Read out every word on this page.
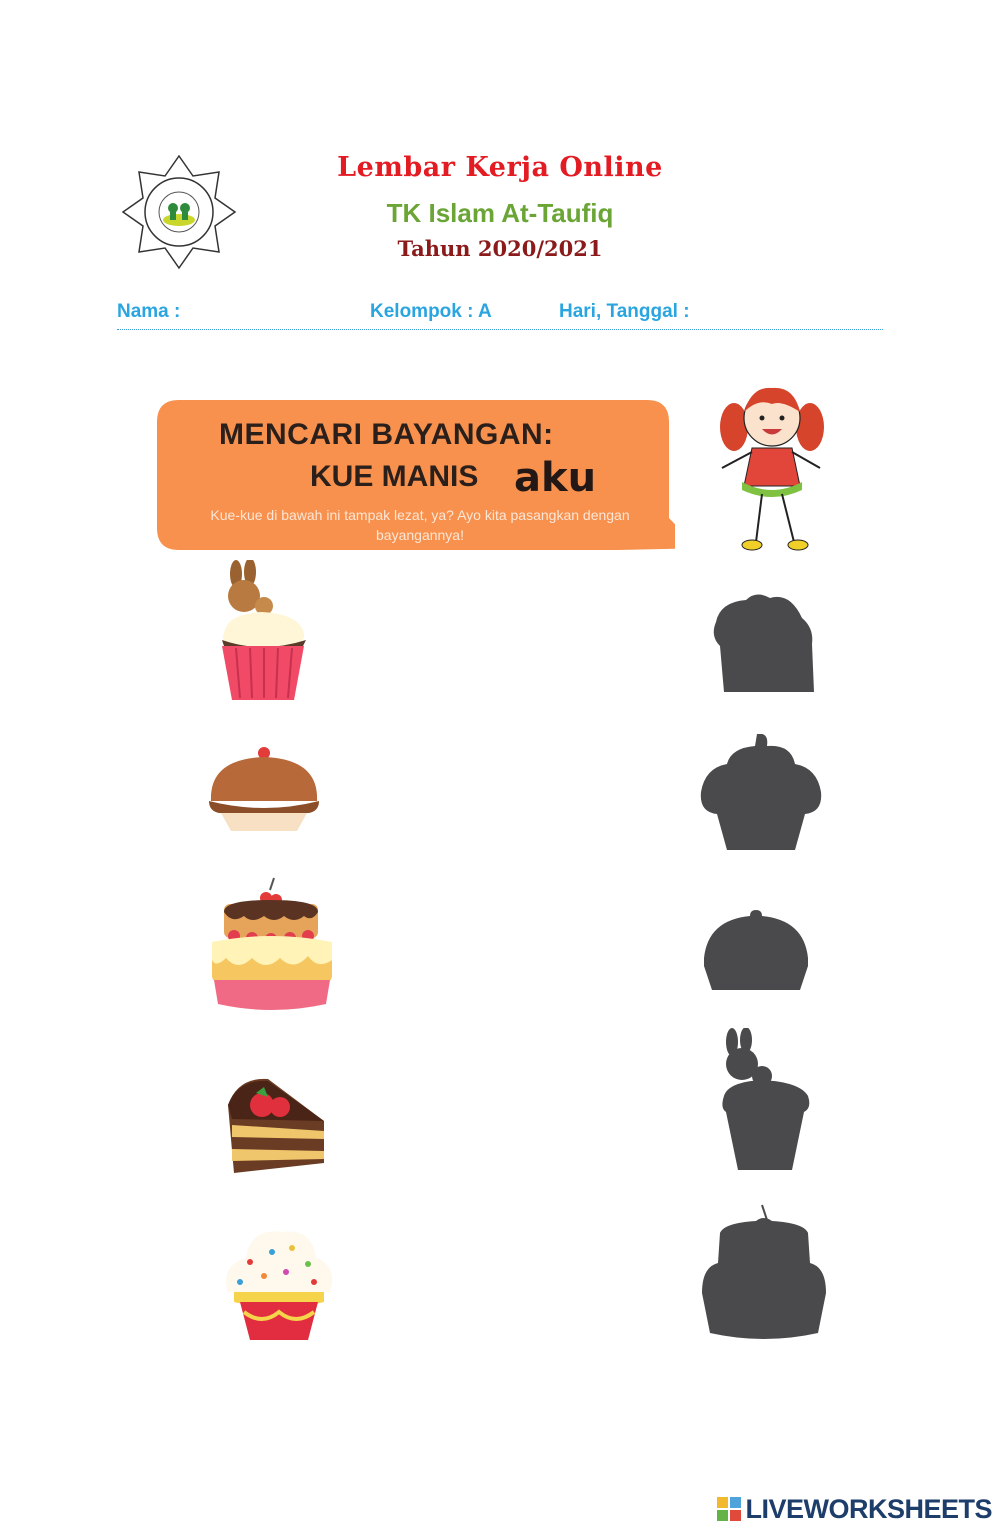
Lembar Kerja Online
TK Islam At-Taufiq
Tahun 2020/2021
Nama :	Kelompok : A	Hari, Tanggal :
MENCARI BAYANGAN:
KUE MANIS aku
Kue-kue di bawah ini tampak lezat, ya? Ayo kita pasangkan dengan bayangannya!
LIVEWORKSHEETS
